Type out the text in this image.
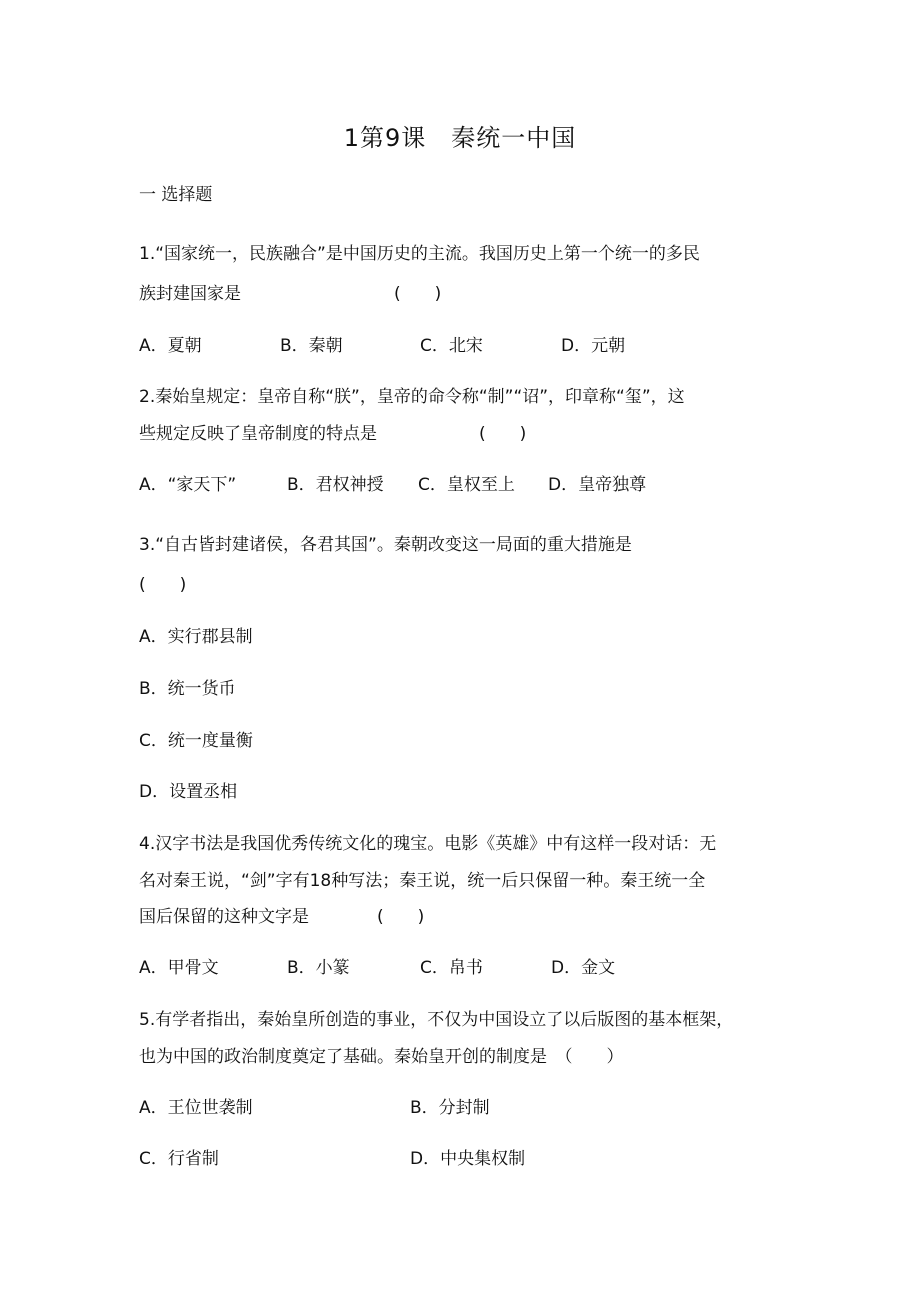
1第9课　秦统一中国
一 选择题
1.“国家统一，民族融合”是中国历史的主流。我国历史上第一个统一的多民
族封建国家是　　　　　　　　　(　　)
A．夏朝	B．秦朝	C．北宋	D．元朝
2.秦始皇规定：皇帝自称“朕”，皇帝的命令称“制”“诏”，印章称“玺”，这
些规定反映了皇帝制度的特点是　　　　　　(　　)
A．“家天下”	B．君权神授 C．皇权至上 D．皇帝独尊
3.“自古皆封建诸侯，各君其国”。秦朝改变这一局面的重大措施是
(　　)
A．实行郡县制
B．统一货币
C．统一度量衡
D．设置丞相
4.汉字书法是我国优秀传统文化的瑰宝。电影《英雄》中有这样一段对话：无
名对秦王说，“剑”字有18种写法；秦王说，统一后只保留一种。秦王统一全
国后保留的这种文字是　　　　(　　)
A．甲骨文	B．小篆	C．帛书	D．金文
5.有学者指出，秦始皇所创造的事业，不仅为中国设立了以后版图的基本框架，
也为中国的政治制度奠定了基础。秦始皇开创的制度是　（　　）
A．王位世袭制	B．分封制
C．行省制	D．中央集权制
